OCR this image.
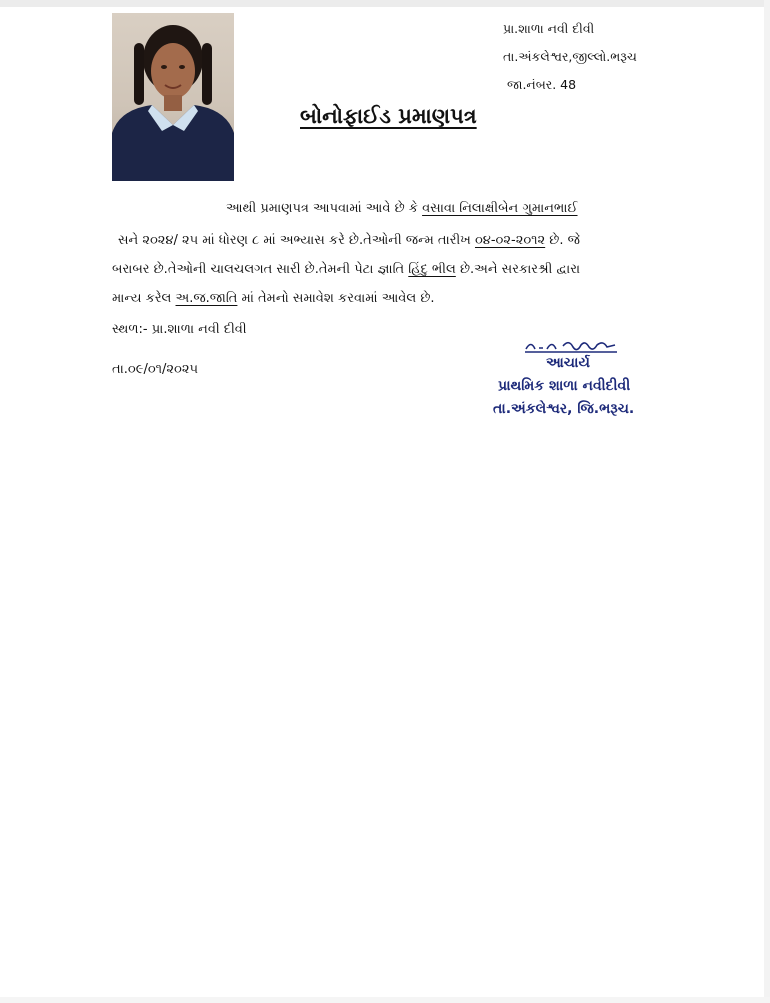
પ્રા.શાળા નવી દીવી
તા.અંકલેશ્વર,જીલ્લો.ભરૂચ
જા.નંબર. 48
બોનોફાઈડ પ્રમાણપત્ર
આથી પ્રમાણપત્ર આપવામાં આવે છે કે વસાવા નિલાક્ષીબેન ગુમાનભાઈ
સને ૨૦૨૪/ ૨૫ માં ધોરણ ૮ માં અભ્યાસ કરે છે.તેઓની જન્મ તારીખ ૦૪-૦૨-૨૦૧૨ છે. જે
બરાબર છે.તેઓની ચાલચલગત સારી છે.તેમની પેટા જ્ઞાતિ હિંદુ ભીલ છે.અને સરકારશ્રી દ્વારા
માન્ય કરેલ અ.જ.જાતિ માં તેમનો સમાવેશ કરવામાં આવેલ છે.
સ્થળ:- પ્રા.શાળા નવી દીવી
તા.૦૯/૦૧/૨૦૨૫	આચાર્ય
પ્રાથમિક શાળા નવીદીવી
તા.અંકલેશ્વર, જિ.ભરૂચ.
